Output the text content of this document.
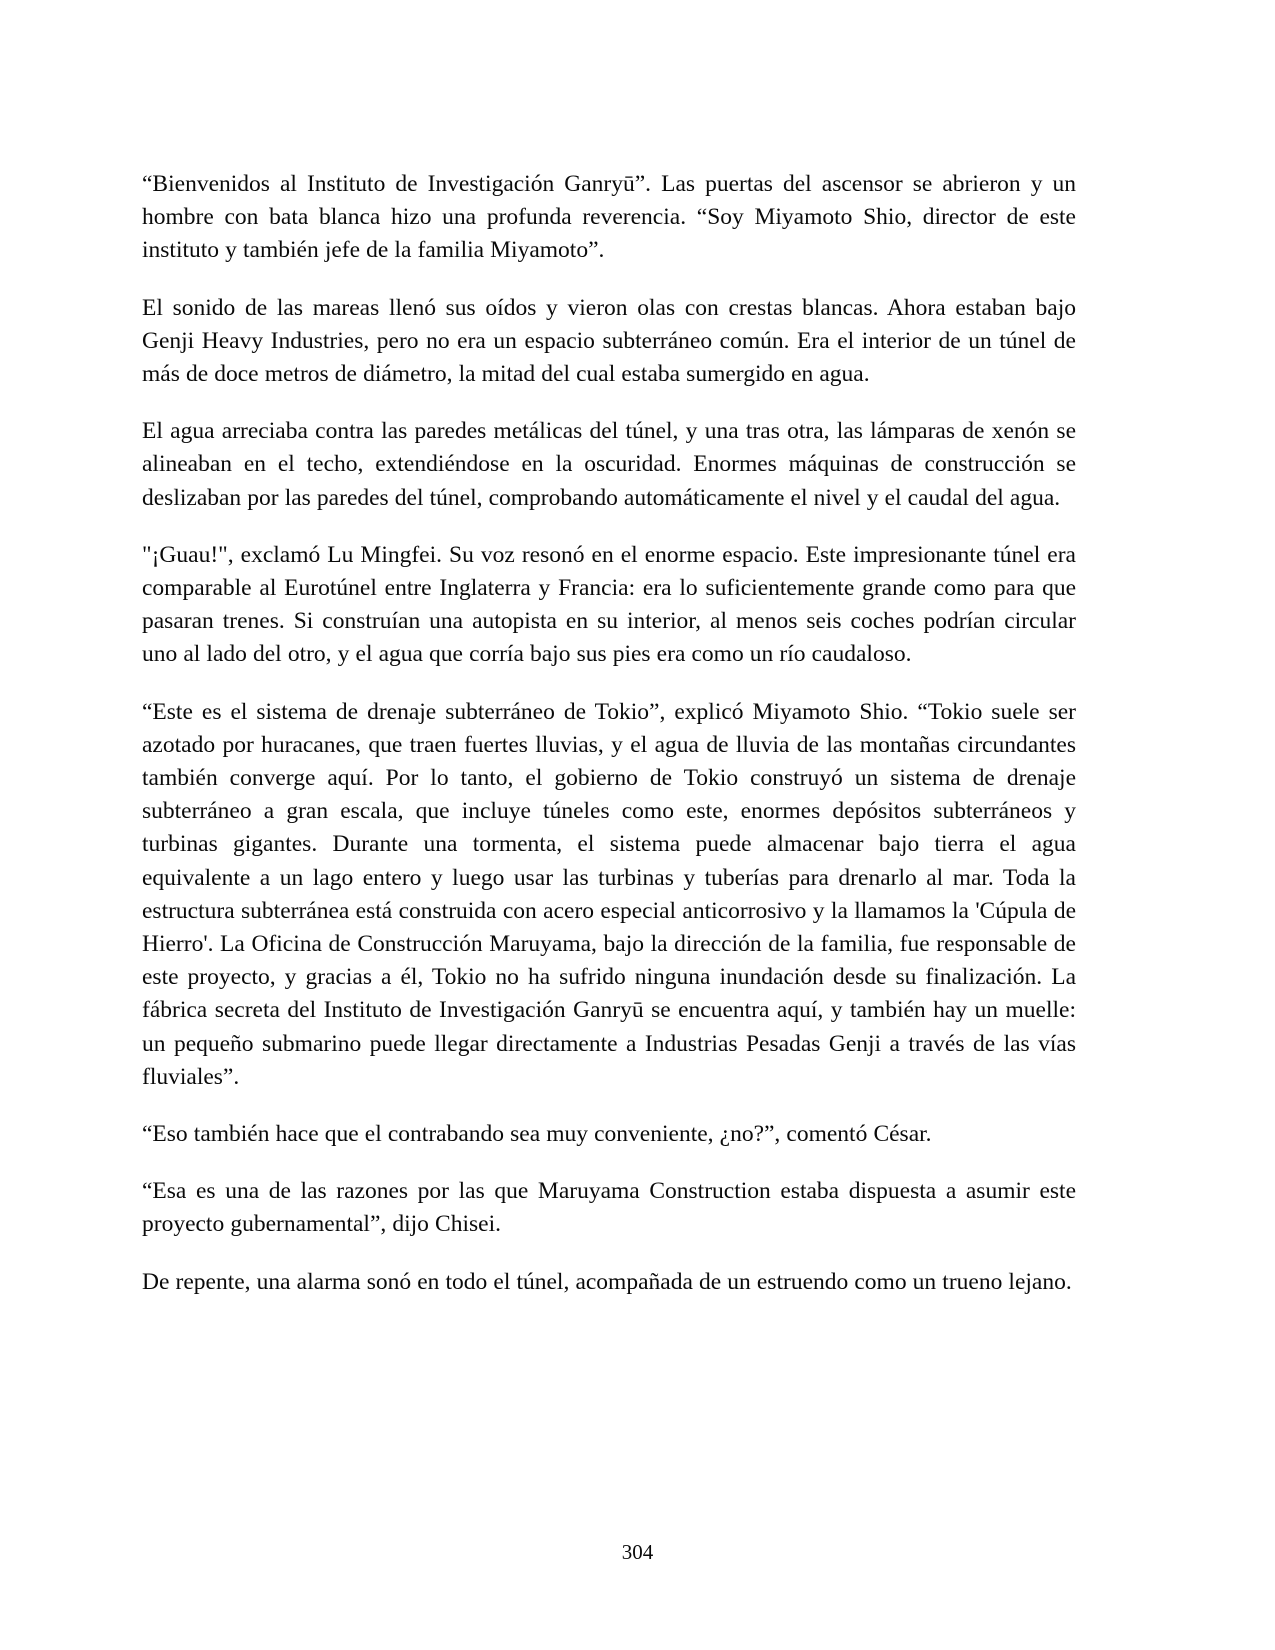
“Bienvenidos al Instituto de Investigación Ganryū”. Las puertas del ascensor se abrieron y un hombre con bata blanca hizo una profunda reverencia. “Soy Miyamoto Shio, director de este instituto y también jefe de la familia Miyamoto”.

El sonido de las mareas llenó sus oídos y vieron olas con crestas blancas. Ahora estaban bajo Genji Heavy Industries, pero no era un espacio subterráneo común. Era el interior de un túnel de más de doce metros de diámetro, la mitad del cual estaba sumergido en agua.

El agua arreciaba contra las paredes metálicas del túnel, y una tras otra, las lámparas de xenón se alineaban en el techo, extendiéndose en la oscuridad. Enormes máquinas de construcción se deslizaban por las paredes del túnel, comprobando automáticamente el nivel y el caudal del agua.

"¡Guau!", exclamó Lu Mingfei. Su voz resonó en el enorme espacio. Este impresionante túnel era comparable al Eurotúnel entre Inglaterra y Francia: era lo suficientemente grande como para que pasaran trenes. Si construían una autopista en su interior, al menos seis coches podrían circular uno al lado del otro, y el agua que corría bajo sus pies era como un río caudaloso.

“Este es el sistema de drenaje subterráneo de Tokio”, explicó Miyamoto Shio. “Tokio suele ser azotado por huracanes, que traen fuertes lluvias, y el agua de lluvia de las montañas circundantes también converge aquí. Por lo tanto, el gobierno de Tokio construyó un sistema de drenaje subterráneo a gran escala, que incluye túneles como este, enormes depósitos subterráneos y turbinas gigantes. Durante una tormenta, el sistema puede almacenar bajo tierra el agua equivalente a un lago entero y luego usar las turbinas y tuberías para drenarlo al mar. Toda la estructura subterránea está construida con acero especial anticorrosivo y la llamamos la 'Cúpula de Hierro'. La Oficina de Construcción Maruyama, bajo la dirección de la familia, fue responsable de este proyecto, y gracias a él, Tokio no ha sufrido ninguna inundación desde su finalización. La fábrica secreta del Instituto de Investigación Ganryū se encuentra aquí, y también hay un muelle: un pequeño submarino puede llegar directamente a Industrias Pesadas Genji a través de las vías fluviales”.

“Eso también hace que el contrabando sea muy conveniente, ¿no?”, comentó César.

“Esa es una de las razones por las que Maruyama Construction estaba dispuesta a asumir este proyecto gubernamental”, dijo Chisei.

De repente, una alarma sonó en todo el túnel, acompañada de un estruendo como un trueno lejano.

304
